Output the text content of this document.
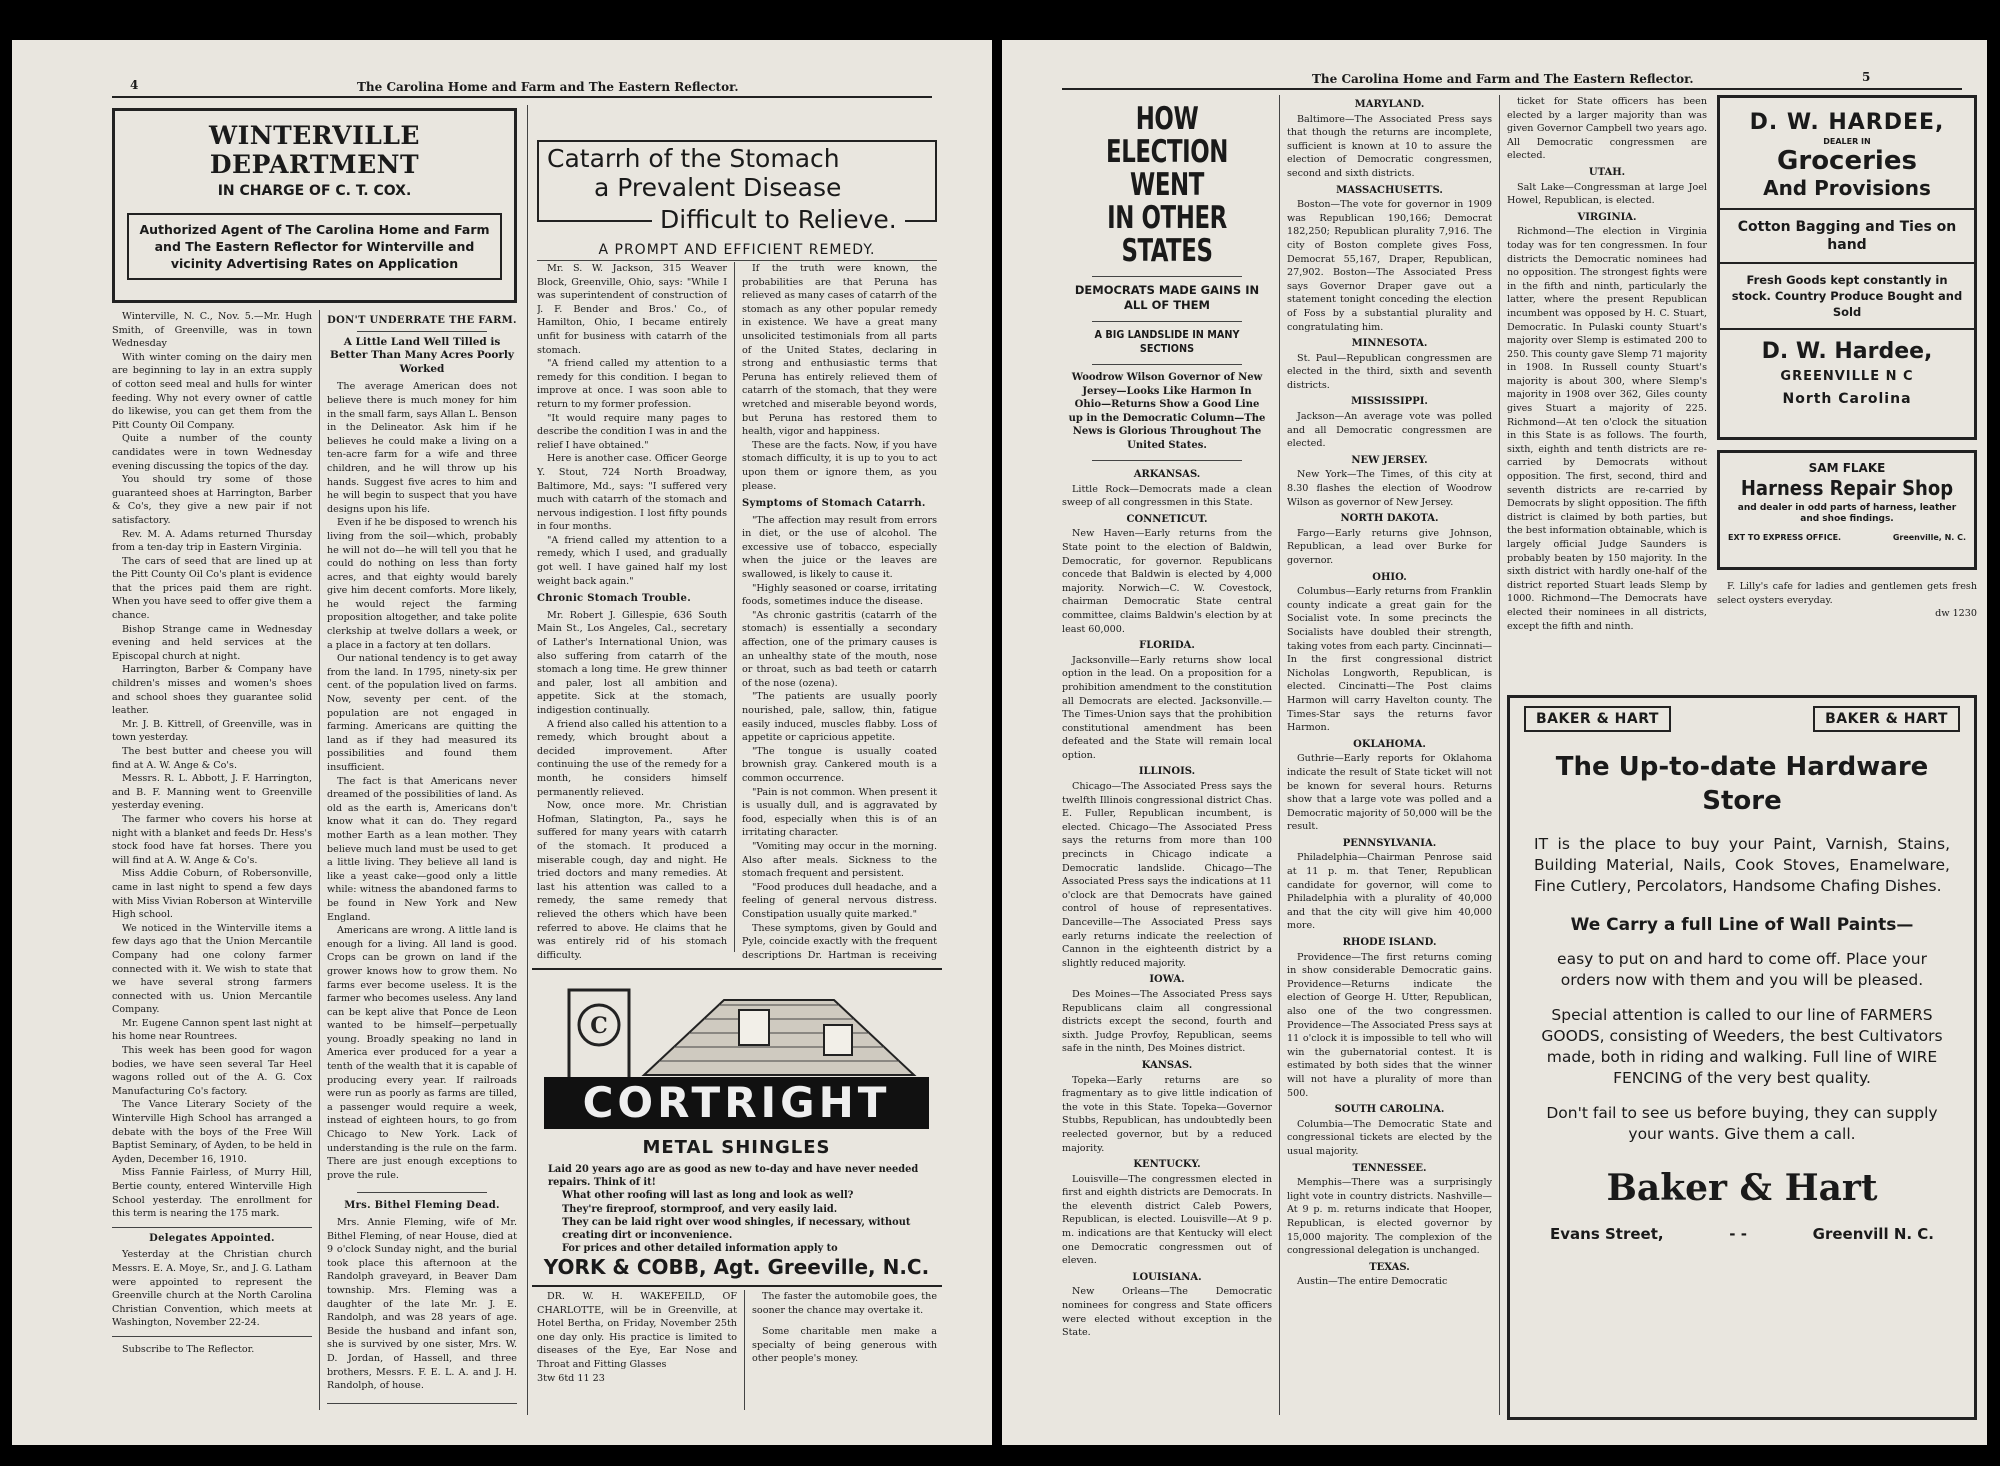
4	The Carolina Home and Farm and The Eastern Reflector.
WINTERVILLE DEPARTMENT
IN CHARGE OF C. T. COX.
Authorized Agent of The Carolina Home and Farm and The Eastern Reflector for Winterville and vicinity Advertising Rates on Application

Winterville, N. C., Nov. 5.—Mr. Hugh Smith, of Greenville, was in town Wednesday

With winter coming on the dairy men are beginning to lay in an extra supply of cotton seed meal and hulls for winter feeding. Why not every owner of cattle do likewise, you can get them from the Pitt County Oil Company.

Quite a number of the county candidates were in town Wednesday evening discussing the topics of the day.

You should try some of those guaranteed shoes at Harrington, Barber & Co's, they give a new pair if not satisfactory.

Rev. M. A. Adams returned Thursday from a ten-day trip in Eastern Virginia.

The cars of seed that are lined up at the Pitt County Oil Co's plant is evidence that the prices paid them are right. When you have seed to offer give them a chance.

Bishop Strange came in Wednesday evening and held services at the Episcopal church at night.

Harrington, Barber & Company have children's misses and women's shoes and school shoes they guarantee solid leather.

Mr. J. B. Kittrell, of Greenville, was in town yesterday.

The best butter and cheese you will find at A. W. Ange & Co's.

Messrs. R. L. Abbott, J. F. Harrington, and B. F. Manning went to Greenville yesterday evening.

The farmer who covers his horse at night with a blanket and feeds Dr. Hess's stock food have fat horses. There you will find at A. W. Ange & Co's.

Miss Addie Coburn, of Robersonville, came in last night to spend a few days with Miss Vivian Roberson at Winterville High school.

We noticed in the Winterville items a few days ago that the Union Mercantile Company had one colony farmer connected with it. We wish to state that we have several strong farmers connected with us. Union Mercantile Company.

Mr. Eugene Cannon spent last night at his home near Rountrees.

This week has been good for wagon bodies, we have seen several Tar Heel wagons rolled out of the A. G. Cox Manufacturing Co's factory.

The Vance Literary Society of the Winterville High School has arranged a debate with the boys of the Free Will Baptist Seminary, of Ayden, to be held in Ayden, December 16, 1910.

Miss Fannie Fairless, of Murry Hill, Bertie county, entered Winterville High School yesterday. The enrollment for this term is nearing the 175 mark.

Delegates Appointed.

Yesterday at the Christian church Messrs. E. A. Moye, Sr., and J. G. Latham were appointed to represent the Greenville church at the North Carolina Christian Convention, which meets at Washington, November 22-24.

Subscribe to The Reflector.

DON'T UNDERRATE THE FARM.
A Little Land Well Tilled is Better Than Many Acres Poorly Worked

The average American does not believe there is much money for him in the small farm, says Allan L. Benson in the Delineator. Ask him if he believes he could make a living on a ten-acre farm for a wife and three children, and he will throw up his hands. Suggest five acres to him and he will begin to suspect that you have designs upon his life.

Even if he be disposed to wrench his living from the soil—which, probably he will not do—he will tell you that he could do nothing on less than forty acres, and that eighty would barely give him decent comforts. More likely, he would reject the farming proposition altogether, and take polite clerkship at twelve dollars a week, or a place in a factory at ten dollars.

Our national tendency is to get away from the land. In 1795, ninety-six per cent. of the population lived on farms. Now, seventy per cent. of the population are not engaged in farming. Americans are quitting the land as if they had measured its possibilities and found them insufficient.

The fact is that Americans never dreamed of the possibilities of land. As old as the earth is, Americans don't know what it can do. They regard mother Earth as a lean mother. They believe much land must be used to get a little living. They believe all land is like a yeast cake—good only a little while: witness the abandoned farms to be found in New York and New England.

Americans are wrong. A little land is enough for a living. All land is good. Crops can be grown on land if the grower knows how to grow them. No farms ever become useless. It is the farmer who becomes useless. Any land can be kept alive that Ponce de Leon wanted to be himself—perpetually young. Broadly speaking no land in America ever produced for a year a tenth of the wealth that it is capable of producing every year. If railroads were run as poorly as farms are tilled, a passenger would require a week, instead of eighteen hours, to go from Chicago to New York. Lack of understanding is the rule on the farm. There are just enough exceptions to prove the rule.

Mrs. Bithel Fleming Dead.

Mrs. Annie Fleming, wife of Mr. Bithel Fleming, of near House, died at 9 o'clock Sunday night, and the burial took place this afternoon at the Randolph graveyard, in Beaver Dam township. Mrs. Fleming was a daughter of the late Mr. J. E. Randolph, and was 28 years of age. Beside the husband and infant son, she is survived by one sister, Mrs. W. D. Jordan, of Hassell, and three brothers, Messrs. F. E. L. A. and J. H. Randolph, of house.

Catarrh of the Stomach
a Prevalent Disease
Difficult to Relieve.
A PROMPT AND EFFICIENT REMEDY.

Mr. S. W. Jackson, 315 Weaver Block, Greenville, Ohio, says: "While I was superintendent of construction of J. F. Bender and Bros.' Co., of Hamilton, Ohio, I became entirely unfit for business with catarrh of the stomach.

"A friend called my attention to a remedy for this condition. I began to improve at once. I was soon able to return to my former profession.

"It would require many pages to describe the condition I was in and the relief I have obtained."

Here is another case. Officer George Y. Stout, 724 North Broadway, Baltimore, Md., says: "I suffered very much with catarrh of the stomach and nervous indigestion. I lost fifty pounds in four months.

"A friend called my attention to a remedy, which I used, and gradually got well. I have gained half my lost weight back again."

Chronic Stomach Trouble.

Mr. Robert J. Gillespie, 636 South Main St., Los Angeles, Cal., secretary of Lather's International Union, was also suffering from catarrh of the stomach a long time. He grew thinner and paler, lost all ambition and appetite. Sick at the stomach, indigestion continually.

A friend also called his attention to a remedy, which brought about a decided improvement. After continuing the use of the remedy for a month, he considers himself permanently relieved.

Now, once more. Mr. Christian Hofman, Slatington, Pa., says he suffered for many years with catarrh of the stomach. It produced a miserable cough, day and night. He tried doctors and many remedies. At last his attention was called to a remedy, the same remedy that relieved the others which have been referred to above. He claims that he was entirely rid of his stomach difficulty.

If the truth were known, the probabilities are that Peruna has relieved as many cases of catarrh of the stomach as any other popular remedy in existence. We have a great many unsolicited testimonials from all parts of the United States, declaring in strong and enthusiastic terms that Peruna has entirely relieved them of catarrh of the stomach, that they were wretched and miserable beyond words, but Peruna has restored them to health, vigor and happiness.

These are the facts. Now, if you have stomach difficulty, it is up to you to act upon them or ignore them, as you please.

Symptoms of Stomach Catarrh.

"The affection may result from errors in diet, or the use of alcohol. The excessive use of tobacco, especially when the juice or the leaves are swallowed, is likely to cause it.

"Highly seasoned or coarse, irritating foods, sometimes induce the disease.

"As chronic gastritis (catarrh of the stomach) is essentially a secondary affection, one of the primary causes is an unhealthy state of the mouth, nose or throat, such as bad teeth or catarrh of the nose (ozena).

"The patients are usually poorly nourished, pale, sallow, thin, fatigue easily induced, muscles flabby. Loss of appetite or capricious appetite.

"The tongue is usually coated brownish gray. Cankered mouth is a common occurrence.

"Pain is not common. When present it is usually dull, and is aggravated by food, especially when this is of an irritating character.

"Vomiting may occur in the morning. Also after meals. Sickness to the stomach frequent and persistent.

"Food produces dull headache, and a feeling of general nervous distress. Constipation usually quite marked."

These symptoms, given by Gould and Pyle, coincide exactly with the frequent descriptions Dr. Hartman is receiving

C
CORTRIGHT
METAL SHINGLES
Laid 20 years ago are as good as new to-day and have never needed repairs. Think of it!
What other roofing will last as long and look as well?
They're fireproof, stormproof, and very easily laid.
They can be laid right over wood shingles, if necessary, without creating dirt or inconvenience.
For prices and other detailed information apply to
YORK & COBB, Agt. Greeville, N.C.

DR. W. H. WAKEFEILD, OF CHARLOTTE, will be in Greenville, at Hotel Bertha, on Friday, November 25th one day only. His practice is limited to diseases of the Eye, Ear Nose and Throat and Fitting Glasses

3tw 6td 11 23

The faster the automobile goes, the sooner the chance may overtake it.

Some charitable men make a specialty of being generous with other people's money.

The Carolina Home and Farm and The Eastern Reflector.	5
HOW ELECTION WENT
IN OTHER STATES
DEMOCRATS MADE GAINS IN ALL OF THEM
A BIG LANDSLIDE IN MANY SECTIONS
Woodrow Wilson Governor of New Jersey—Looks Like Harmon In Ohio—Returns Show a Good Line up in the Democratic Column—The News is Glorious Throughout The United States.
ARKANSAS.

Little Rock—Democrats made a clean sweep of all congressmen in this State.

CONNETICUT.

New Haven—Early returns from the State point to the election of Baldwin, Democratic, for governor. Republicans concede that Baldwin is elected by 4,000 majority. Norwich—C. W. Covestock, chairman Democratic State central committee, claims Baldwin's election by at least 60,000.

FLORIDA.

Jacksonville—Early returns show local option in the lead. On a proposition for a prohibition amendment to the constitution all Democrats are elected. Jacksonville.—The Times-Union says that the prohibition constitutional amendment has been defeated and the State will remain local option.

ILLINOIS.

Chicago—The Associated Press says the twelfth Illinois congressional district Chas. E. Fuller, Republican incumbent, is elected. Chicago—The Associated Press says the returns from more than 100 precincts in Chicago indicate a Democratic landslide. Chicago—The Associated Press says the indications at 11 o'clock are that Democrats have gained control of house of representatives. Danceville—The Associated Press says early returns indicate the reelection of Cannon in the eighteenth district by a slightly reduced majority.

IOWA.

Des Moines—The Associated Press says Republicans claim all congressional districts except the second, fourth and sixth. Judge Provfoy, Republican, seems safe in the ninth, Des Moines district.

KANSAS.

Topeka—Early returns are so fragmentary as to give little indication of the vote in this State. Topeka—Governor Stubbs, Republican, has undoubtedly been reelected governor, but by a reduced majority.

KENTUCKY.

Louisville—The congressmen elected in first and eighth districts are Democrats. In the eleventh district Caleb Powers, Republican, is elected. Louisville—At 9 p. m. indications are that Kentucky will elect one Democratic congressmen out of eleven.

LOUISIANA.

New Orleans—The Democratic nominees for congress and State officers were elected without exception in the State.

MARYLAND.

Baltimore—The Associated Press says that though the returns are incomplete, sufficient is known at 10 to assure the election of Democratic congressmen, second and sixth districts.

MASSACHUSETTS.

Boston—The vote for governor in 1909 was Republican 190,166; Democrat 182,250; Republican plurality 7,916. The city of Boston complete gives Foss, Democrat 55,167, Draper, Republican, 27,902. Boston—The Associated Press says Governor Draper gave out a statement tonight conceding the election of Foss by a substantial plurality and congratulating him.

MINNESOTA.

St. Paul—Republican congressmen are elected in the third, sixth and seventh districts.

MISSISSIPPI.

Jackson—An average vote was polled and all Democratic congressmen are elected.

NEW JERSEY.

New York—The Times, of this city at 8.30 flashes the election of Woodrow Wilson as governor of New Jersey.

NORTH DAKOTA.

Fargo—Early returns give Johnson, Republican, a lead over Burke for governor.

OHIO.

Columbus—Early returns from Franklin county indicate a great gain for the Socialist vote. In some precincts the Socialists have doubled their strength, taking votes from each party. Cincinnati—In the first congressional district Nicholas Longworth, Republican, is elected. Cincinatti—The Post claims Harmon will carry Havelton county. The Times-Star says the returns favor Harmon.

OKLAHOMA.

Guthrie—Early reports for Oklahoma indicate the result of State ticket will not be known for several hours. Returns show that a large vote was polled and a Democratic majority of 50,000 will be the result.

PENNSYLVANIA.

Philadelphia—Chairman Penrose said at 11 p. m. that Tener, Republican candidate for governor, will come to Philadelphia with a plurality of 40,000 and that the city will give him 40,000 more.

RHODE ISLAND.

Providence—The first returns coming in show considerable Democratic gains. Providence—Returns indicate the election of George H. Utter, Republican, also one of the two congressmen. Providence—The Associated Press says at 11 o'clock it is impossible to tell who will win the gubernatorial contest. It is estimated by both sides that the winner will not have a plurality of more than 500.

SOUTH CAROLINA.

Columbia—The Democratic State and congressional tickets are elected by the usual majority.

TENNESSEE.

Memphis—There was a surprisingly light vote in country districts. Nashville—At 9 p. m. returns indicate that Hooper, Republican, is elected governor by 15,000 majority. The complexion of the congressional delegation is unchanged.

TEXAS.

Austin—The entire Democratic

ticket for State officers has been elected by a larger majority than was given Governor Campbell two years ago. All Democratic congressmen are elected.

UTAH.

Salt Lake—Congressman at large Joel Howel, Republican, is elected.

VIRGINIA.

Richmond—The election in Virginia today was for ten congressmen. In four districts the Democratic nominees had no opposition. The strongest fights were in the fifth and ninth, particularly the latter, where the present Republican incumbent was opposed by H. C. Stuart, Democratic. In Pulaski county Stuart's majority over Slemp is estimated 200 to 250. This county gave Slemp 71 majority in 1908. In Russell county Stuart's majority is about 300, where Slemp's majority in 1908 over 362, Giles county gives Stuart a majority of 225. Richmond—At ten o'clock the situation in this State is as follows. The fourth, sixth, eighth and tenth districts are re-carried by Democrats without opposition. The first, second, third and seventh districts are re-carried by Democrats by slight opposition. The fifth district is claimed by both parties, but the best information obtainable, which is largely official Judge Saunders is probably beaten by 150 majority. In the sixth district with hardly one-half of the district reported Stuart leads Slemp by 1000. Richmond—The Democrats have elected their nominees in all districts, except the fifth and ninth.

D. W. HARDEE,
DEALER IN
Groceries
And Provisions
Cotton Bagging and Ties on hand
Fresh Goods kept constantly in stock. Country Produce Bought and Sold
D. W. Hardee,
GREENVILLE N C
North Carolina
SAM FLAKE
Harness Repair Shop
and dealer in odd parts of harness, leather and shoe findings.
EXT TO EXPRESS OFFICE.	Greenville, N. C.

F. Lilly's cafe for ladies and gentlemen gets fresh select oysters everyday.

dw 1230

BAKER & HART	BAKER & HART
The Up-to-date Hardware
Store
IT is the place to buy your Paint, Varnish, Stains, Building Material, Nails, Cook Stoves, Enamelware, Fine Cutlery, Percolators, Handsome Chafing Dishes.
We Carry a full Line of Wall Paints—
easy to put on and hard to come off. Place your orders now with them and you will be pleased.
Special attention is called to our line of FARMERS GOODS, consisting of Weeders, the best Cultivators made, both in riding and walking. Full line of WIRE FENCING of the very best quality.
Don't fail to see us before buying, they can supply your wants. Give them a call.
Baker & Hart
Evans Street,	- -	Greenvill N. C.
